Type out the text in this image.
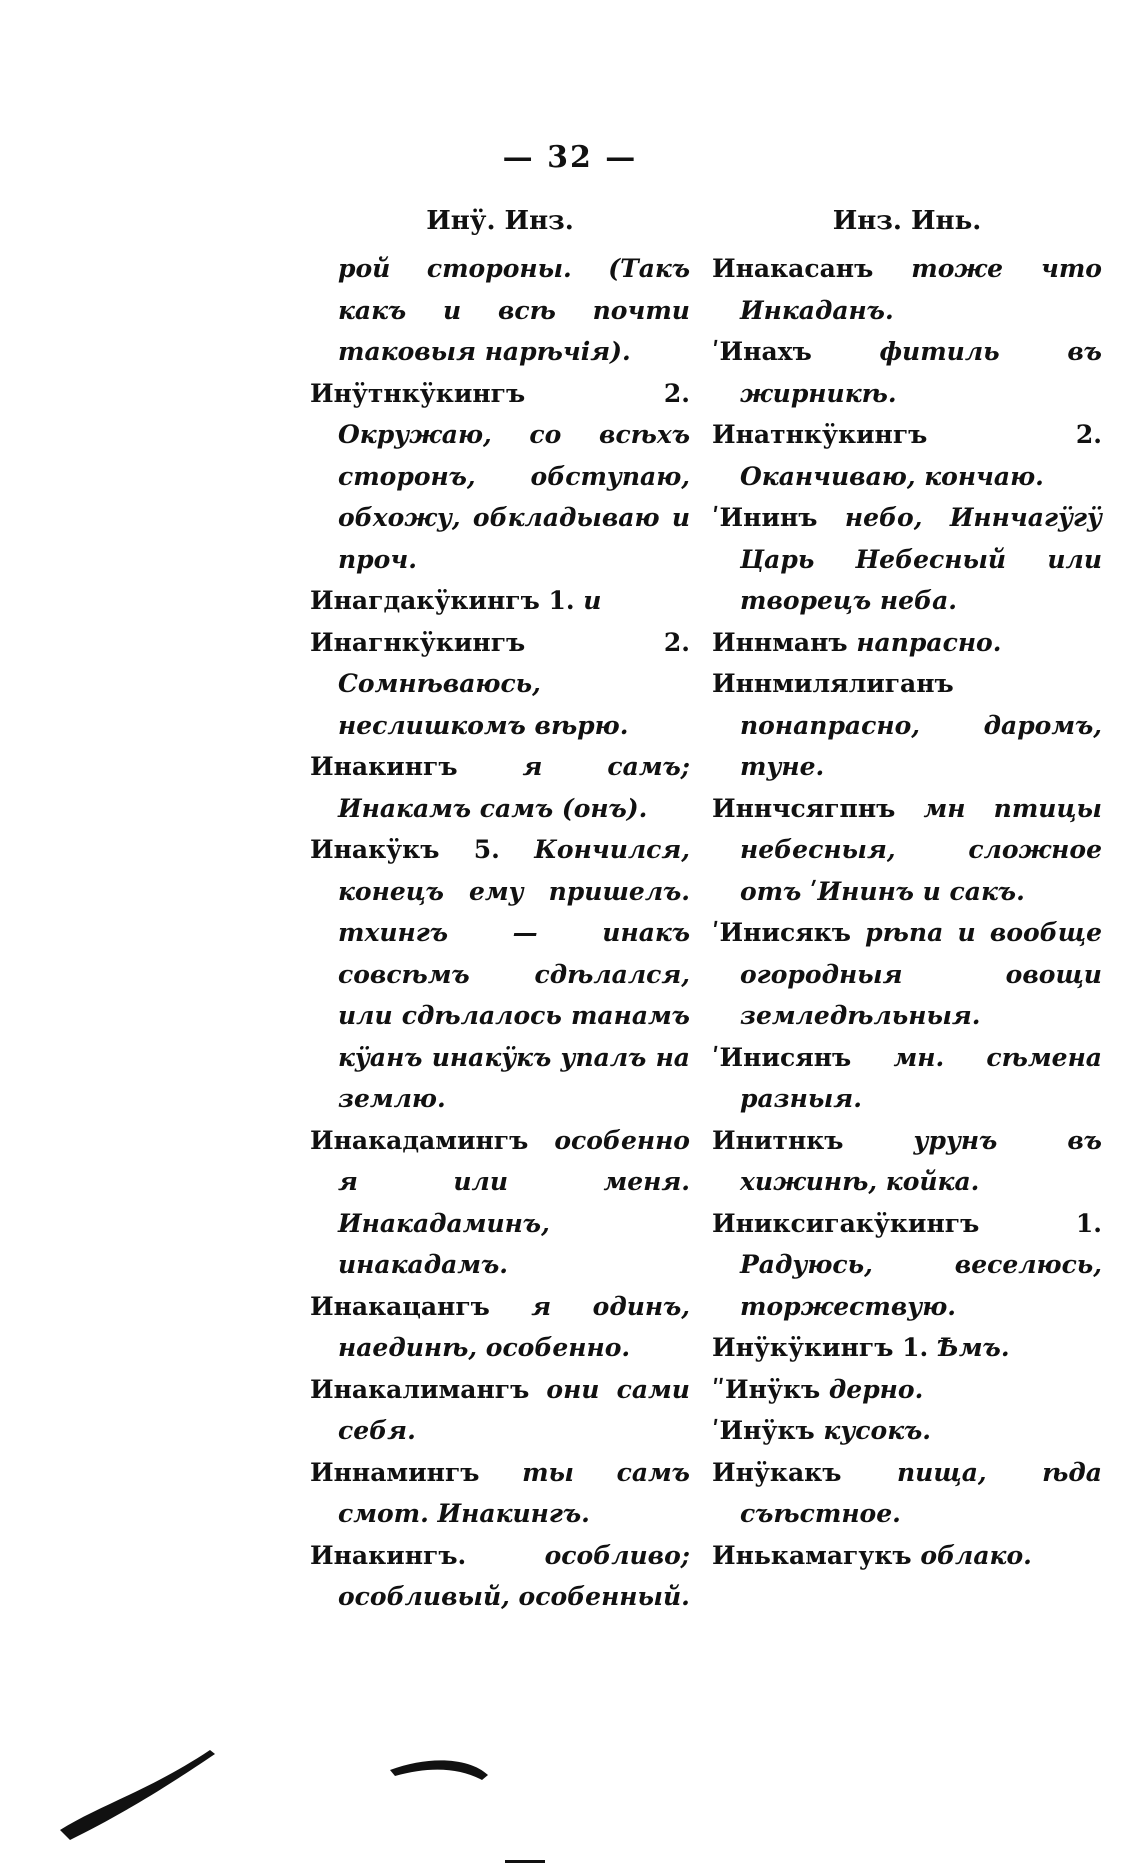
— 32 —
Инӱ. Инз.

рой стороны. (Такъ какъ и всѣ почти таковыя нарѣчія).

Инӱтнкӱкингъ 2. Окружаю, со всѣхъ сторонъ, обступаю, обхожу, обкладываю и проч.

Инагдакӱкингъ 1. и

Инагнкӱкингъ 2. Сомнѣваюсь, неслишкомъ вѣрю.

Инакингъ	я самъ; Инакамъ самъ (онъ).

Инакӱкъ 5. Кончился, конецъ ему пришелъ. тхингъ — инакъ совсѣмъ сдѣлался, или сдѣлалось танамъ кӱанъ инакӱкъ упалъ на землю.

Инакадамингъ особенно я или меня. Инакадаминъ, инакадамъ.

Инакацангъ я одинъ, наединѣ, особенно.

Инакалимангъ они сами себя.

Иннамингъ ты самъ смот. Инакингъ.

Инакингъ.	особливо; особливый, особенный.

Инз. Инь.

Инакасанъ тоже что Инкаданъ.

ʹИнахъ	фитиль въ жирникѣ.

Инатнкӱкингъ 2. Оканчиваю, кончаю.

ʹИнинъ небо, Иннчагӱгӱ Царь Небесный или творецъ неба.

Иннманъ напрасно.

Иннмилялиганъ понапрасно, даромъ, туне.

Иннчсягпнъ мн птицы небесныя, сложное отъ ʹИнинъ и сакъ.

ʹИнисякъ рѣпа и вообще огородныя овощи земледѣльныя.

ʹИнисянъ мн. сѣмена разныя.

Инитнкъ	урунъ въ хижинѣ, койка.

Иниксигакӱкингъ 1. Радуюсь, веселюсь, торжествую.

Инӱкӱкингъ 1. Ѣмъ.

ʺИнӱкъ дерно.

ʹИнӱкъ кусокъ.

Инӱкакъ пища, ѣда съѣстное.

Инькамагукъ облако.
